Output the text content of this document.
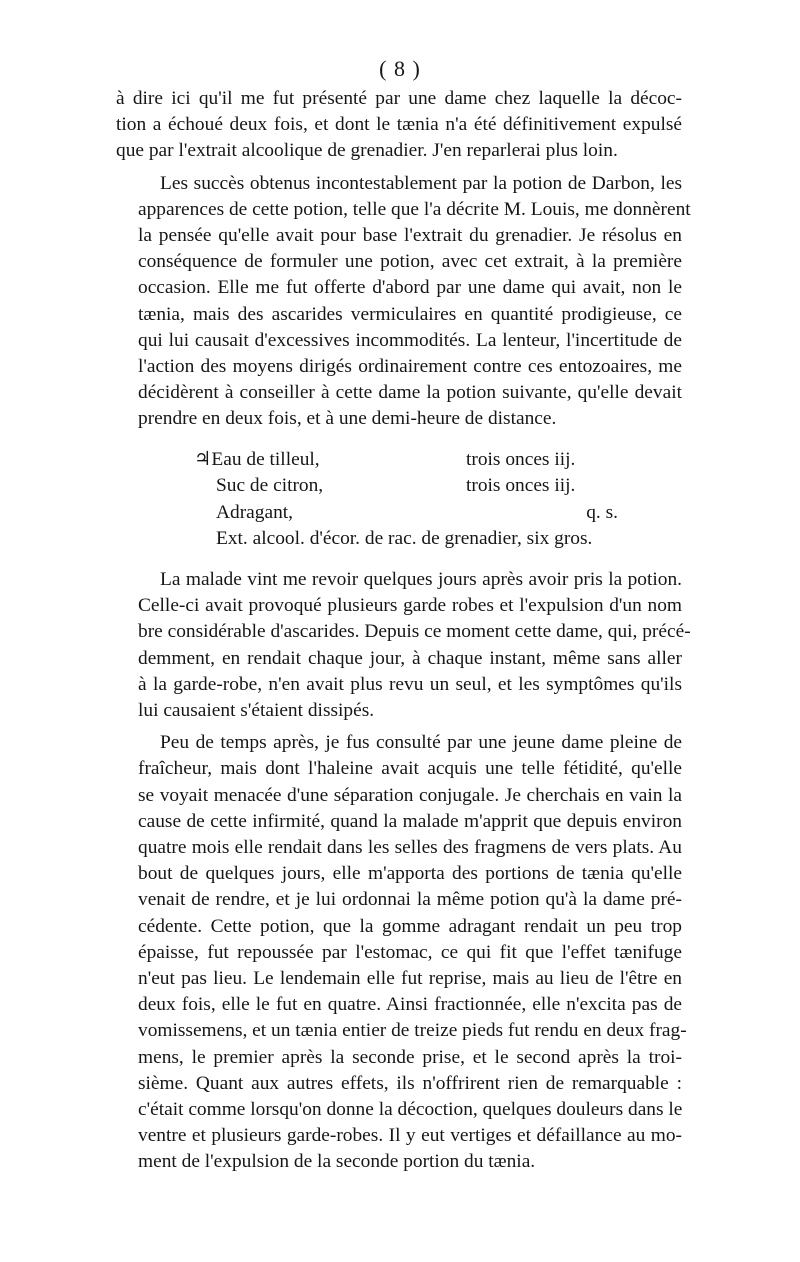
( 8 )
à dire ici qu'il me fut présenté par une dame chez laquelle la décoc-
tion a échoué deux fois, et dont le tænia n'a été définitivement expulsé
que par l'extrait alcoolique de grenadier. J'en reparlerai plus loin.
Les succès obtenus incontestablement par la potion de Darbon, les
apparences de cette potion, telle que l'a décrite M. Louis, me donnèrent
la pensée qu'elle avait pour base l'extrait du grenadier. Je résolus en
conséquence de formuler une potion, avec cet extrait, à la première
occasion. Elle me fut offerte d'abord par une dame qui avait, non le
tænia, mais des ascarides vermiculaires en quantité prodigieuse, ce
qui lui causait d'excessives incommodités. La lenteur, l'incertitude de
l'action des moyens dirigés ordinairement contre ces entozoaires, me
décidèrent à conseiller à cette dame la potion suivante, qu'elle devait
prendre en deux fois, et à une demi-heure de distance.
♃Eau de tilleul,	trois onces iij.
Suc de citron,	trois onces iij.
Adragant,	q. s.
Ext. alcool. d'écor. de rac. de grenadier, six gros.
La malade vint me revoir quelques jours après avoir pris la potion.
Celle-ci avait provoqué plusieurs garde robes et l'expulsion d'un nom
bre considérable d'ascarides. Depuis ce moment cette dame, qui, précé-
demment, en rendait chaque jour, à chaque instant, même sans aller
à la garde-robe, n'en avait plus revu un seul, et les symptômes qu'ils
lui causaient s'étaient dissipés.
Peu de temps après, je fus consulté par une jeune dame pleine de
fraîcheur, mais dont l'haleine avait acquis une telle fétidité, qu'elle
se voyait menacée d'une séparation conjugale. Je cherchais en vain la
cause de cette infirmité, quand la malade m'apprit que depuis environ
quatre mois elle rendait dans les selles des fragmens de vers plats. Au
bout de quelques jours, elle m'apporta des portions de tænia qu'elle
venait de rendre, et je lui ordonnai la même potion qu'à la dame pré-
cédente. Cette potion, que la gomme adragant rendait un peu trop
épaisse, fut repoussée par l'estomac, ce qui fit que l'effet tænifuge
n'eut pas lieu. Le lendemain elle fut reprise, mais au lieu de l'être en
deux fois, elle le fut en quatre. Ainsi fractionnée, elle n'excita pas de
vomissemens, et un tænia entier de treize pieds fut rendu en deux frag-
mens, le premier après la seconde prise, et le second après la troi-
sième. Quant aux autres effets, ils n'offrirent rien de remarquable :
c'était comme lorsqu'on donne la décoction, quelques douleurs dans le
ventre et plusieurs garde-robes. Il y eut vertiges et défaillance au mo-
ment de l'expulsion de la seconde portion du tænia.
